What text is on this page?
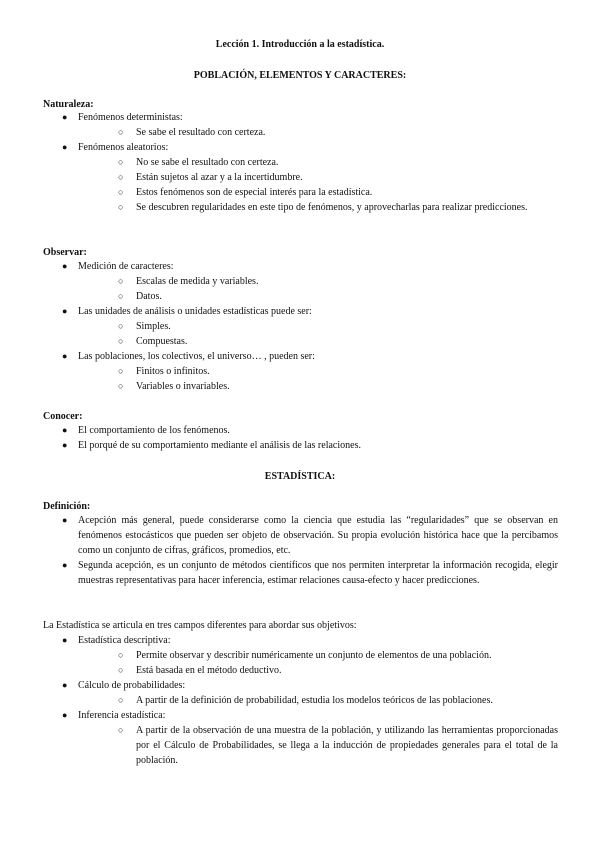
Lección 1. Introducción a la estadística.
POBLACIÓN, ELEMENTOS Y CARACTERES:
Naturaleza:
● Fenómenos deterministas:
○ Se sabe el resultado con certeza.
● Fenómenos aleatorios:
○ No se sabe el resultado con certeza.
○ Están sujetos al azar y a la incertidumbre.
○ Estos fenómenos son de especial interés para la estadística.
○ Se descubren regularidades en este tipo de fenómenos, y aprovecharlas para realizar predicciones.
Observar:
● Medición de caracteres:
○ Escalas de medida y variables.
○ Datos.
● Las unidades de análisis o unidades estadísticas puede ser:
○ Simples.
○ Compuestas.
● Las poblaciones, los colectivos, el universo… , pueden ser:
○ Finitos o infinitos.
○ Variables o invariables.
Conocer:
● El comportamiento de los fenómenos.
● El porqué de su comportamiento mediante el análisis de las relaciones.
ESTADÍSTICA:
Definición:
● Acepción más general, puede considerarse como la ciencia que estudia las “regularidades” que se observan en fenómenos estocásticos que pueden ser objeto de observación. Su propia evolución histórica hace que la percibamos como un conjunto de cifras, gráficos, promedios, etc.
● Segunda acepción, es un conjunto de métodos científicos que nos permiten interpretar la información recogida, elegir muestras representativas para hacer inferencia, estimar relaciones causa-efecto y hacer predicciones.
La Estadística se articula en tres campos diferentes para abordar sus objetivos:
● Estadística descriptiva:
○ Permite observar y describir numéricamente un conjunto de elementos de una población.
○ Está basada en el método deductivo.
● Cálculo de probabilidades:
○ A partir de la definición de probabilidad, estudia los modelos teóricos de las poblaciones.
● Inferencia estadística:
○ A partir de la observación de una muestra de la población, y utilizando las herramientas proporcionadas por el Cálculo de Probabilidades, se llega a la inducción de propiedades generales para el total de la población.
